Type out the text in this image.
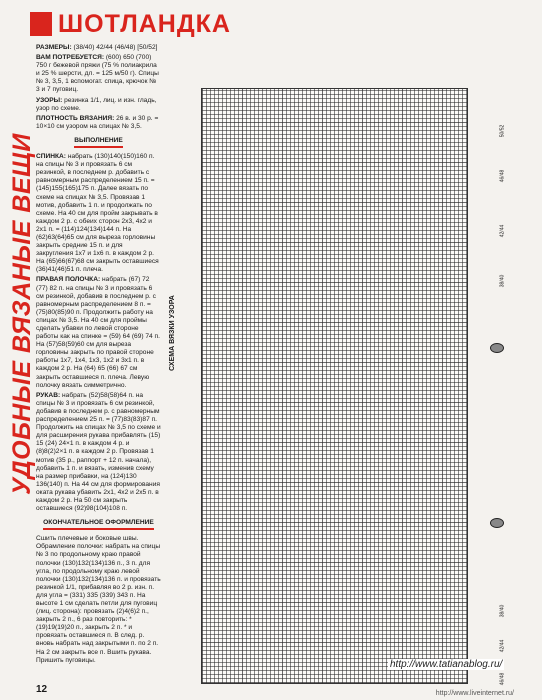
УДОБНЫЕ ВЯЗАНЫЕ ВЕЩИ
ШОТЛАНДКА

РАЗМЕРЫ: (38/40) 42/44 (46/48) [50/52]

ВАМ ПОТРЕБУЕТСЯ: (600) 650 (700) 750 г бежевой пряжи (75 % полиакрила и 25 % шерсти, дл. = 125 м/50 г). Спицы № 3, 3,5, 1 вспомогат. спица, крючок № 3 и 7 пуговиц.

УЗОРЫ: резинка 1/1, лиц. и изн. гладь, узор по схеме.

ПЛОТНОСТЬ ВЯЗАНИЯ: 26 в. и 30 р. = 10×10 см узором на спицах № 3,5.

ВЫПОЛНЕНИЕ

СПИНКА: набрать (130)140(150)160 п. на спицы № 3 и провязать 6 см резинкой, в последнем р. добавить с равномерным распределением 15 п. = (145)155(165)175 п. Далее вязать по схеме на спицах № 3,5. Провязав 1 мотив, добавить 1 п. и продолжать по схеме. На 40 см для пройм закрывать в каждом 2 р. с обеих сторон 2х3, 4х2 и 2х1 п. = (114)124(134)144 п. На (62)63(64)65 см для выреза горловины закрыть средние 15 п. и для закругления 1х7 и 1х6 п. в каждом 2 р. На (65)66(67)68 см закрыть оставшиеся (36)41(46)51 п. плеча.

ПРАВАЯ ПОЛОЧКА: набрать (67) 72 (77) 82 п. на спицы № 3 и провязать 6 см резинкой, добавив в последнем р. с равномерным распределением 8 п. = (75)80(85)90 п. Продолжить работу на спицах № 3,5. На 40 см для проймы сделать убавки по левой стороне работы как на спинке = (59) 64 (69) 74 п. На (57)58(59)60 см для выреза горловины закрыть по правой стороне работы 1х7, 1х4, 1х3, 1х2 и 3х1 п. в каждом 2 р. На (64) 65 (66) 67 см закрыть оставшиеся п. плеча. Левую полочку вязать симметрично.

РУКАВ: набрать (52)58(58)64 п. на спицы № 3 и провязать 6 см резинкой, добавив в последнем р. с равномерным распределением 25 п. = (77)83(83)87 п. Продолжить на спицах № 3,5 по схеме и для расширения рукава прибавлять (15) 15 (24) 24×1 п. в каждом 4 р. и (8)8(2)2×1 п. в каждом 2 р. Провязав 1 мотив (35 р., раппорт + 12 п. начала), добавить 1 п. и вязать, изменив схему на размер прибавки, на (124)130 136(140) п. На 44 см для формирования оката рукава убавить 2х1, 4х2 и 2х5 п. в каждом 2 р. На 50 см закрыть оставшиеся (92)98(104)108 п.

ОКОНЧАТЕЛЬНОЕ ОФОРМЛЕНИЕ

Сшить плечевые и боковые швы. Обрамление полочки: набрать на спицы № 3 по продольному краю правой полочки (130)132(134)136 п., 3 п. для угла, по продольному краю левой полочки (130)132(134)136 п. и провязать резинкой 1/1, прибавляя во 2 р. изн. п. для угла = (331) 335 (339) 343 п. На высоте 1 см сделать петли для пуговиц (лиц. сторона): провязать (2)4(6)2 п., закрыть 2 п., 6 раз повторить: * (19)19(19)20 п., закрыть 2 п. * и провязать оставшиеся п. В след. р. вновь набрать над закрытыми п. по 2 п. На 2 см закрыть все п. Вшить рукава. Пришить пуговицы.

12
СХЕМА ВЯЗКИ УЗОРА
50/52
46/48
42/44
38/40
38/40
42/44
46/48
http://www.tatianablog.ru/
http://www.liveinternet.ru/
